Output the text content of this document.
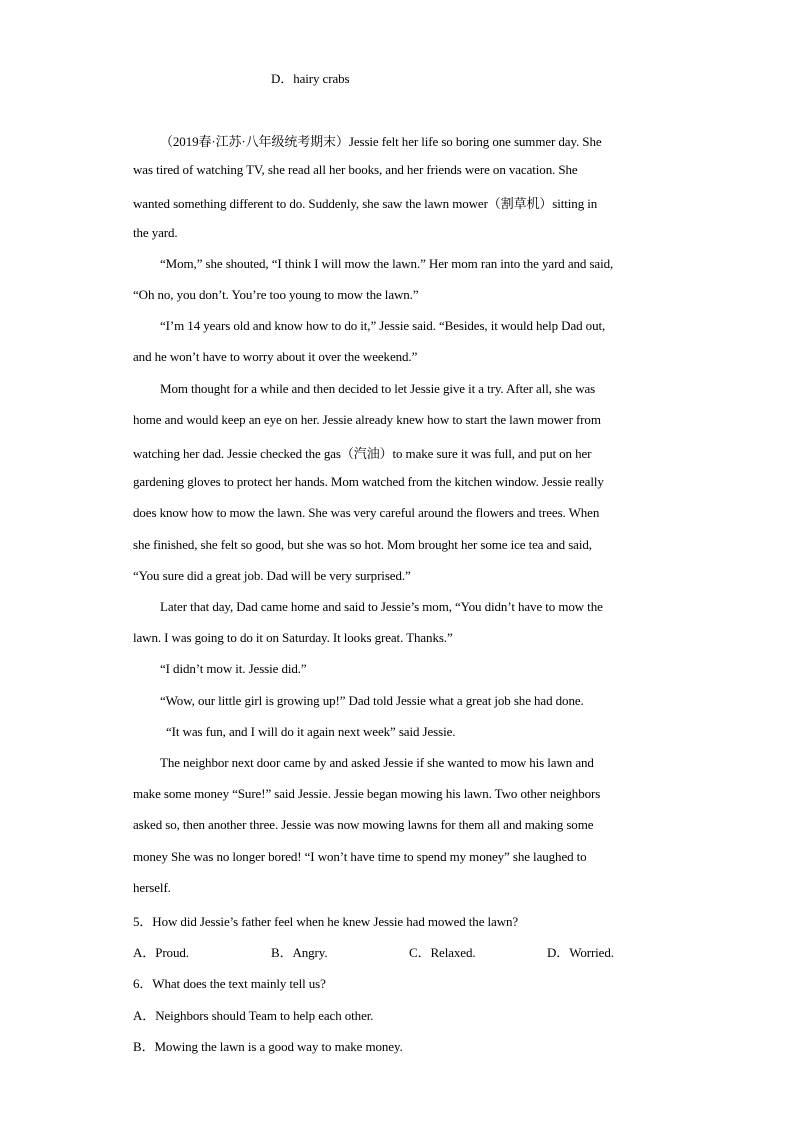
D．hairy crabs
（2019春·江苏·八年级统考期末）Jessie felt her life so boring one summer day. She
was tired of watching TV, she read all her books, and her friends were on vacation. She
wanted something different to do. Suddenly, she saw the lawn mower（割草机）sitting in
the yard.
“Mom,” she shouted, “I think I will mow the lawn.” Her mom ran into the yard and said,
“Oh no, you don’t. You’re too young to mow the lawn.”
“I’m 14 years old and know how to do it,” Jessie said. “Besides, it would help Dad out,
and he won’t have to worry about it over the weekend.”
Mom thought for a while and then decided to let Jessie give it a try. After all, she was
home and would keep an eye on her. Jessie already knew how to start the lawn mower from
watching her dad. Jessie checked the gas（汽油）to make sure it was full, and put on her
gardening gloves to protect her hands. Mom watched from the kitchen window. Jessie really
does know how to mow the lawn. She was very careful around the flowers and trees. When
she finished, she felt so good, but she was so hot. Mom brought her some ice tea and said,
“You sure did a great job. Dad will be very surprised.”
Later that day, Dad came home and said to Jessie’s mom, “You didn’t have to mow the
lawn. I was going to do it on Saturday. It looks great. Thanks.”
“I didn’t mow it. Jessie did.”
“Wow, our little girl is growing up!” Dad told Jessie what a great job she had done.
“It was fun, and I will do it again next week” said Jessie.
The neighbor next door came by and asked Jessie if she wanted to mow his lawn and
make some money “Sure!” said Jessie. Jessie began mowing his lawn. Two other neighbors
asked so, then another three. Jessie was now mowing lawns for them all and making some
money She was no longer bored! “I won’t have time to spend my money” she laughed to
herself.
5．How did Jessie’s father feel when he knew Jessie had mowed the lawn?
A．Proud.	B．Angry.	C．Relaxed.	D．Worried.
6．What does the text mainly tell us?
A．Neighbors should Team to help each other.
B．Mowing the lawn is a good way to make money.
